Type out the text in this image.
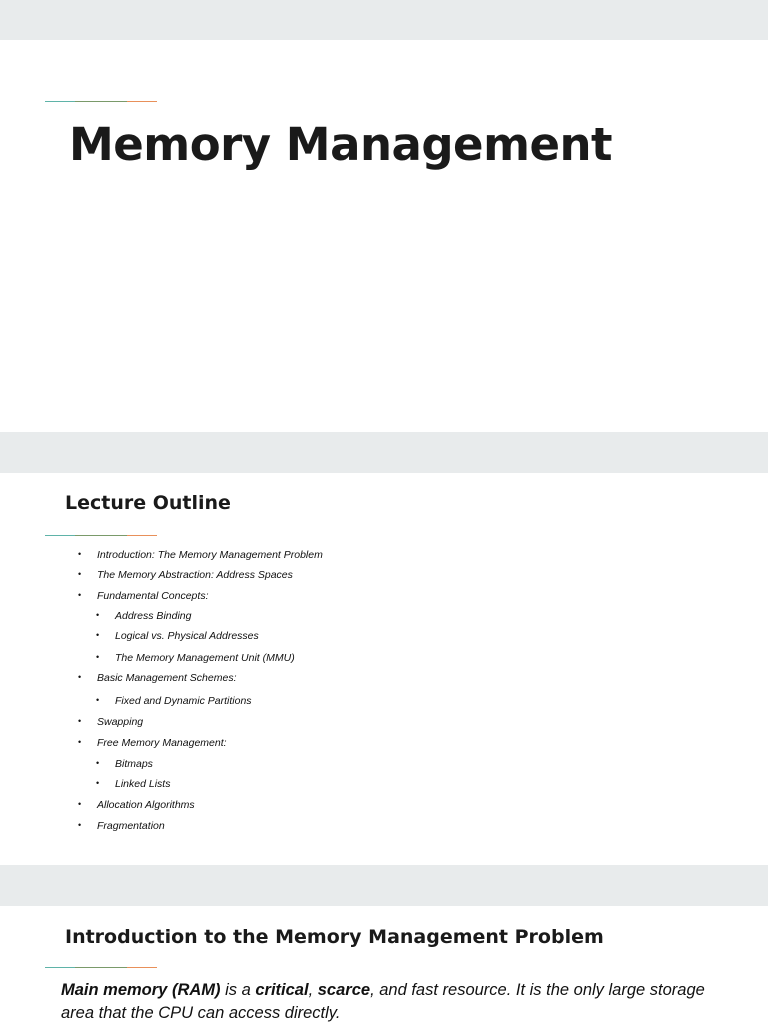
Memory Management
Lecture Outline
• Introduction: The Memory Management Problem
• The Memory Abstraction: Address Spaces
• Fundamental Concepts:
• Address Binding
• Logical vs. Physical Addresses
• The Memory Management Unit (MMU)
• Basic Management Schemes:
• Fixed and Dynamic Partitions
• Swapping
• Free Memory Management:
• Bitmaps
• Linked Lists
• Allocation Algorithms
• Fragmentation
Introduction to the Memory Management Problem

Main memory (RAM) is a critical, scarce, and fast resource. It is the only large storage area that the CPU can access directly.
